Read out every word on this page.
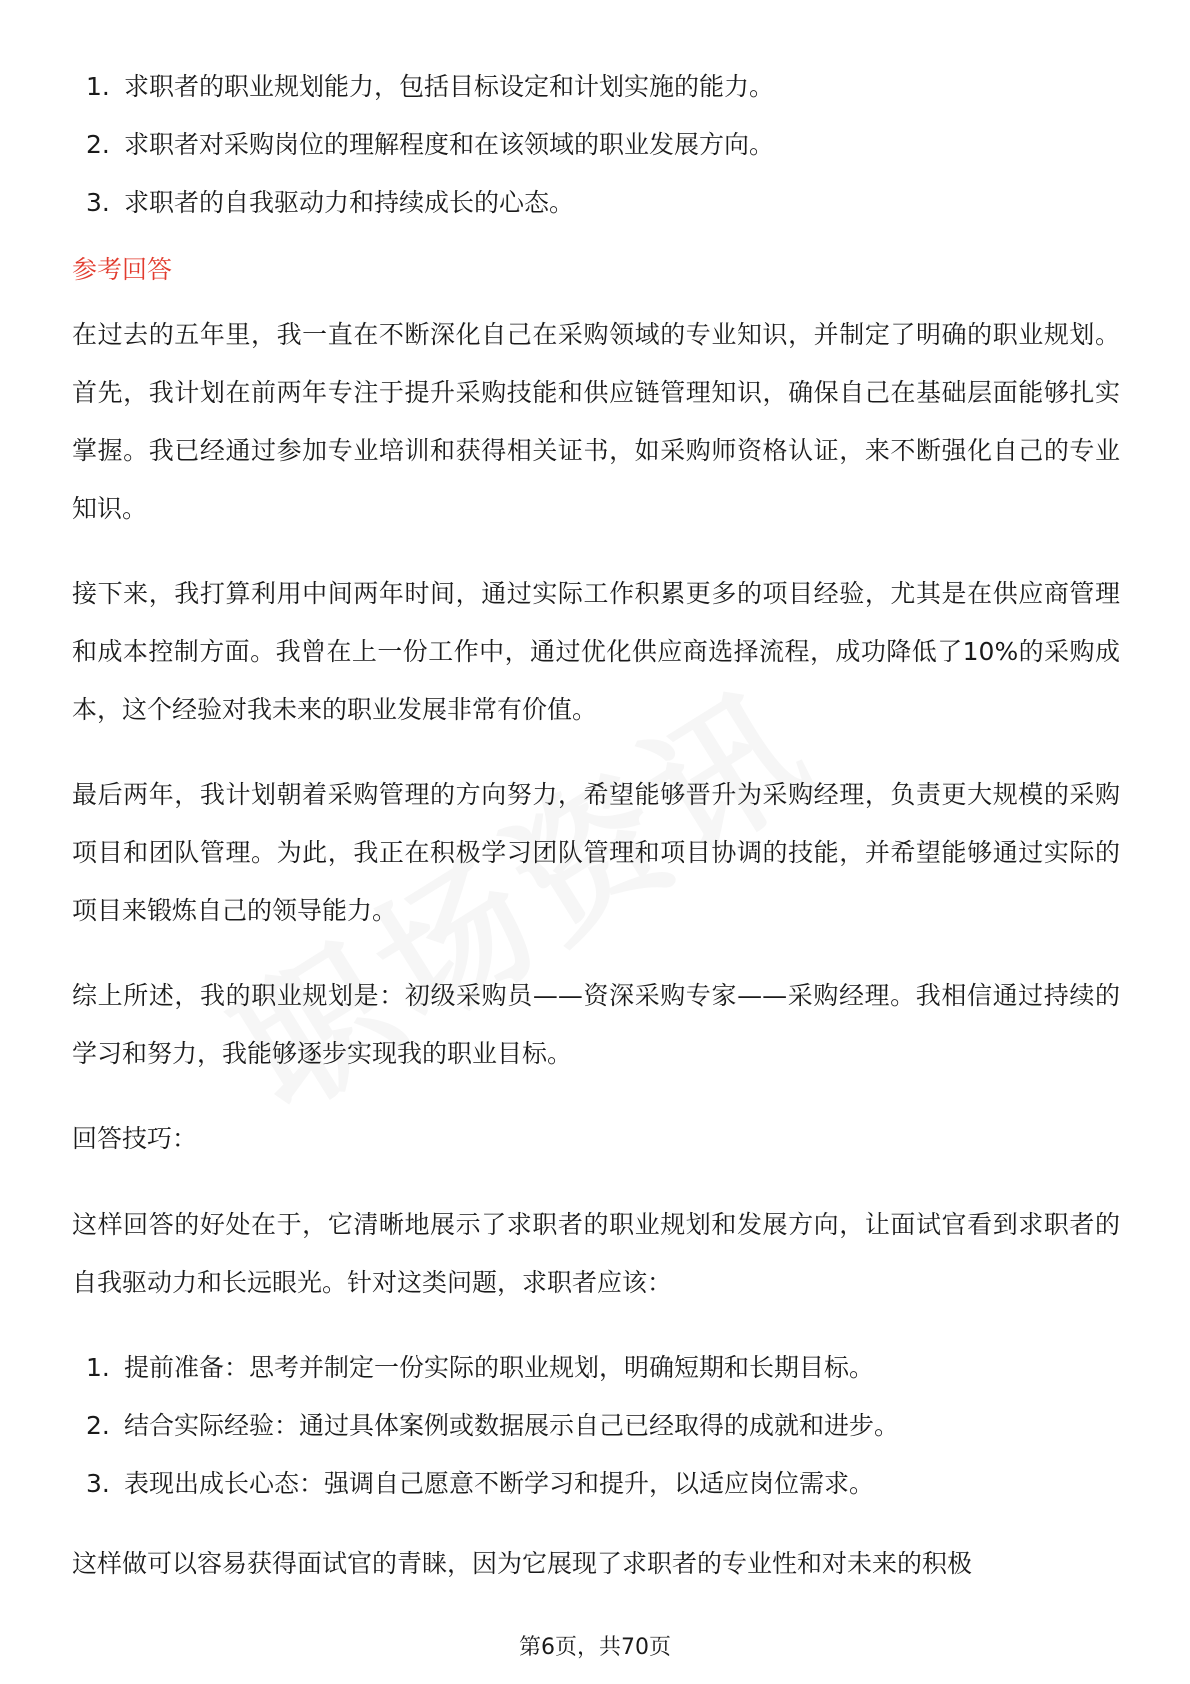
1. 求职者的职业规划能力，包括目标设定和计划实施的能力。
2. 求职者对采购岗位的理解程度和在该领域的职业发展方向。
3. 求职者的自我驱动力和持续成长的心态。
参考回答

在过去的五年里，我一直在不断深化自己在采购领域的专业知识，并制定了明确的职业规划。首先，我计划在前两年专注于提升采购技能和供应链管理知识，确保自己在基础层面能够扎实掌握。我已经通过参加专业培训和获得相关证书，如采购师资格认证，来不断强化自己的专业知识。

接下来，我打算利用中间两年时间，通过实际工作积累更多的项目经验，尤其是在供应商管理和成本控制方面。我曾在上一份工作中，通过优化供应商选择流程，成功降低了10%的采购成本，这个经验对我未来的职业发展非常有价值。

最后两年，我计划朝着采购管理的方向努力，希望能够晋升为采购经理，负责更大规模的采购项目和团队管理。为此，我正在积极学习团队管理和项目协调的技能，并希望能够通过实际的项目来锻炼自己的领导能力。

综上所述，我的职业规划是：初级采购员——资深采购专家——采购经理。我相信通过持续的学习和努力，我能够逐步实现我的职业目标。

回答技巧：

这样回答的好处在于，它清晰地展示了求职者的职业规划和发展方向，让面试官看到求职者的自我驱动力和长远眼光。针对这类问题，求职者应该：

1. 提前准备：思考并制定一份实际的职业规划，明确短期和长期目标。
2. 结合实际经验：通过具体案例或数据展示自己已经取得的成就和进步。
3. 表现出成长心态：强调自己愿意不断学习和提升，以适应岗位需求。

这样做可以容易获得面试官的青睐，因为它展现了求职者的专业性和对未来的积极

第6页，共70页
